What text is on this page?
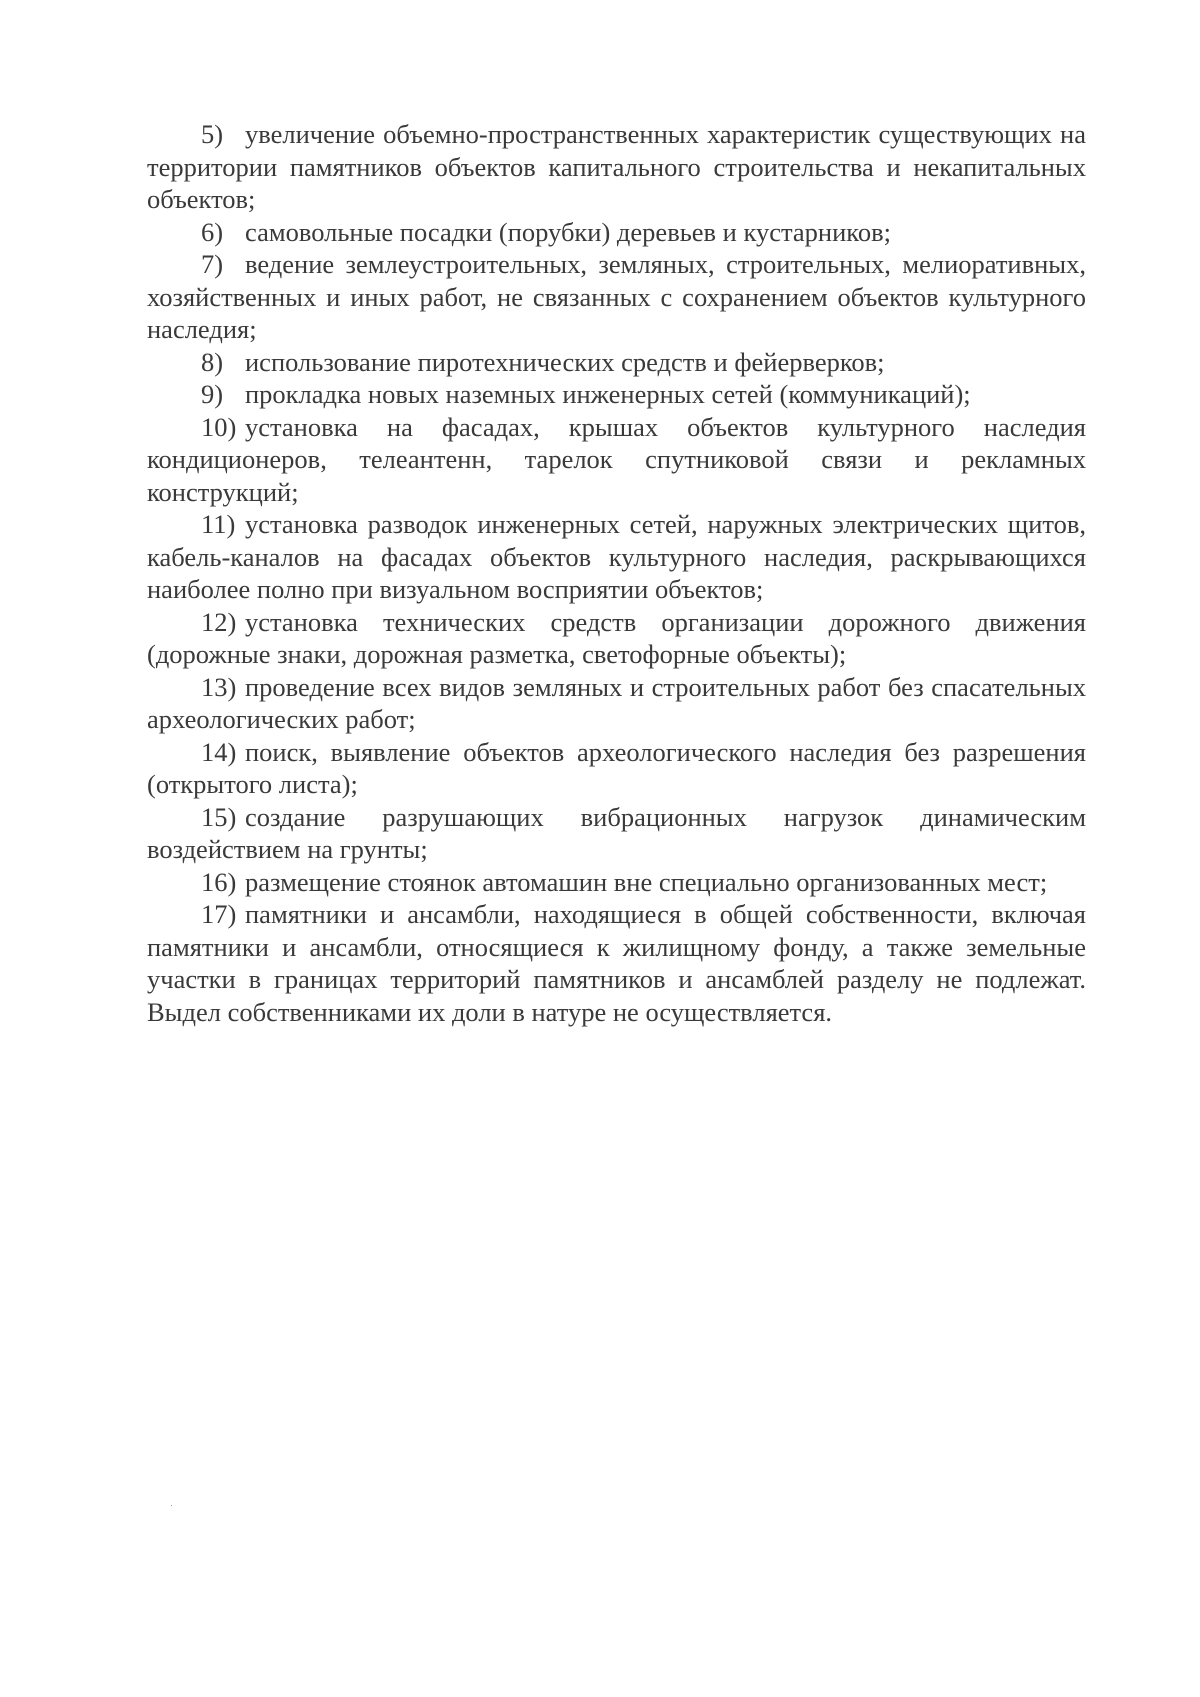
5) увеличение объемно-пространственных характеристик существующих на территории памятников объектов капитального строительства и некапитальных объектов;

6) самовольные посадки (порубки) деревьев и кустарников;

7) ведение землеустроительных, земляных, строительных, мелиоративных, хозяйственных и иных работ, не связанных с сохранением объектов культурного наследия;

8) использование пиротехнических средств и фейерверков;

9) прокладка новых наземных инженерных сетей (коммуникаций);

10) установка на фасадах, крышах объектов культурного наследия кондиционеров, телеантенн, тарелок спутниковой связи и рекламных конструкций;

11) установка разводок инженерных сетей, наружных электрических щитов, кабель-каналов на фасадах объектов культурного наследия, раскрывающихся наиболее полно при визуальном восприятии объектов;

12) установка технических средств организации дорожного движения (дорожные знаки, дорожная разметка, светофорные объекты);

13) проведение всех видов земляных и строительных работ без спасательных археологических работ;

14) поиск, выявление объектов археологического наследия без разрешения (открытого листа);

15) создание разрушающих вибрационных нагрузок динамическим воздействием на грунты;

16) размещение стоянок автомашин вне специально организованных мест;

17) памятники и ансамбли, находящиеся в общей собственности, включая памятники и ансамбли, относящиеся к жилищному фонду, а также земельные участки в границах территорий памятников и ансамблей разделу не подлежат. Выдел собственниками их доли в натуре не осуществляется.
